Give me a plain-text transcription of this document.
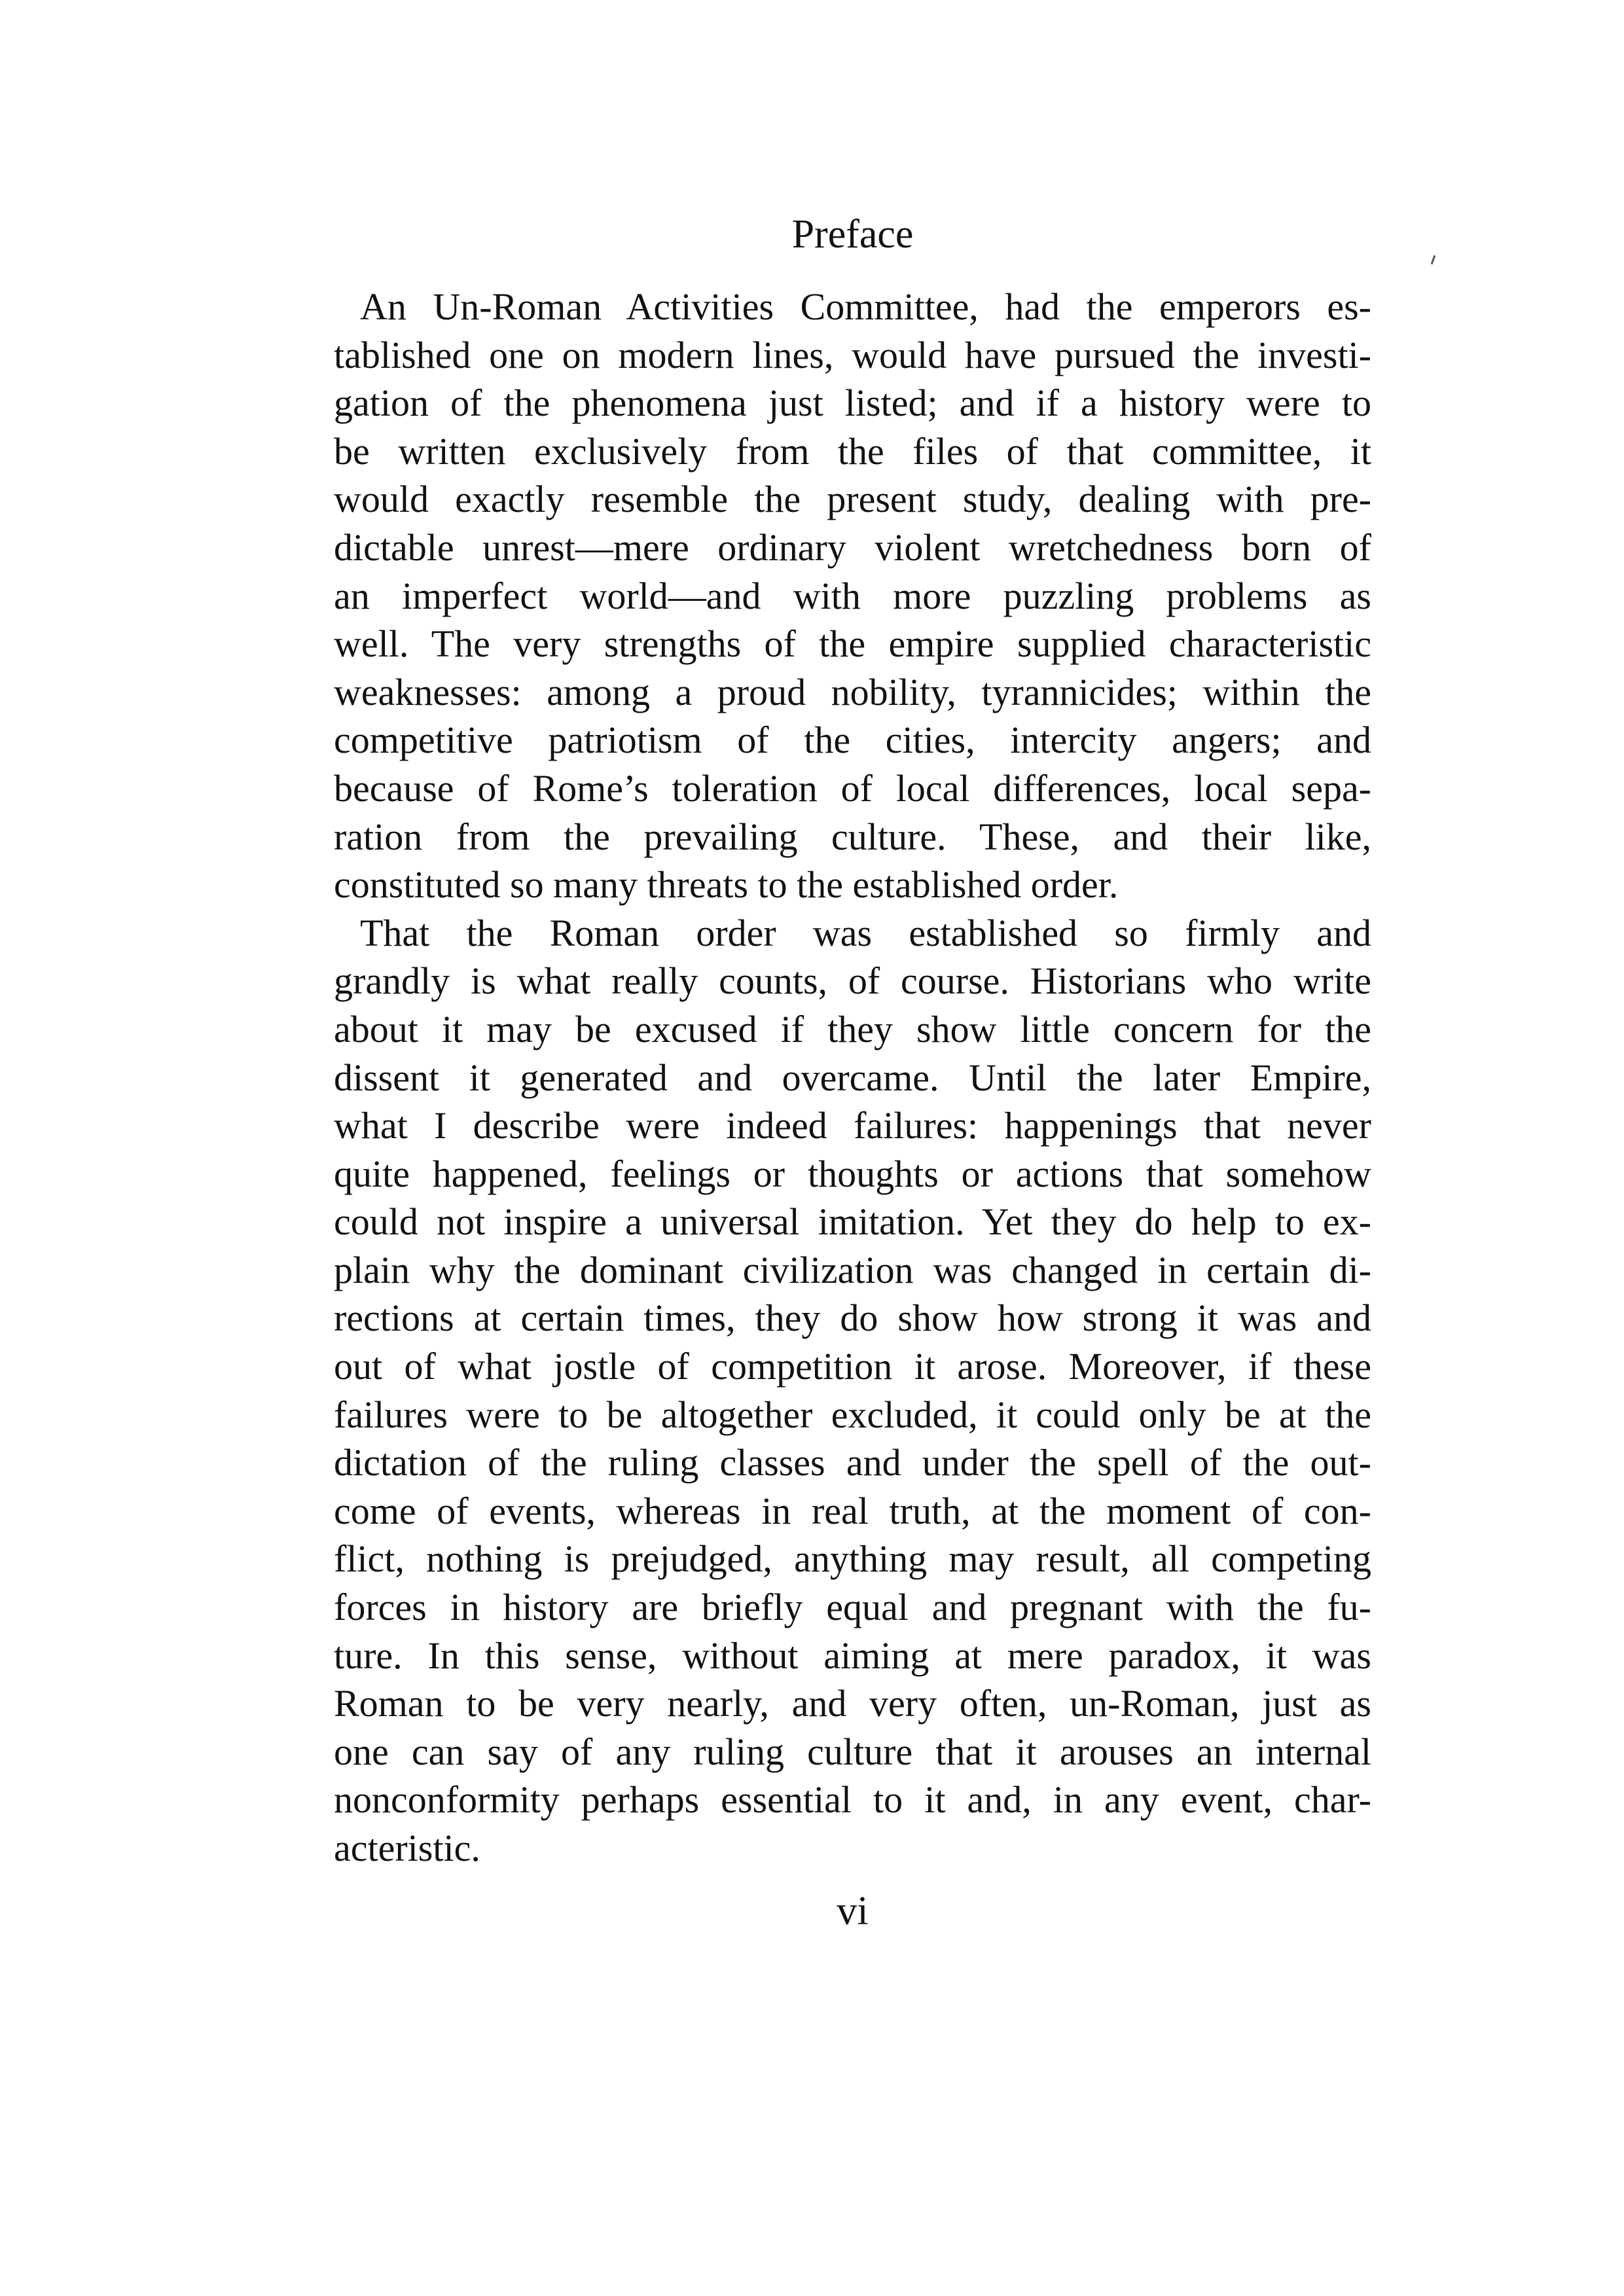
Preface
An Un-Roman Activities Committee, had the emperors es-
tablished one on modern lines, would have pursued the investi-
gation of the phenomena just listed; and if a history were to
be written exclusively from the files of that committee, it
would exactly resemble the present study, dealing with pre-
dictable unrest—mere ordinary violent wretchedness born of
an imperfect world—and with more puzzling problems as
well. The very strengths of the empire supplied characteristic
weaknesses: among a proud nobility, tyrannicides; within the
competitive patriotism of the cities, intercity angers; and
because of Rome’s toleration of local differences, local sepa-
ration from the prevailing culture. These, and their like,
constituted so many threats to the established order.
That the Roman order was established so firmly and
grandly is what really counts, of course. Historians who write
about it may be excused if they show little concern for the
dissent it generated and overcame. Until the later Empire,
what I describe were indeed failures: happenings that never
quite happened, feelings or thoughts or actions that somehow
could not inspire a universal imitation. Yet they do help to ex-
plain why the dominant civilization was changed in certain di-
rections at certain times, they do show how strong it was and
out of what jostle of competition it arose. Moreover, if these
failures were to be altogether excluded, it could only be at the
dictation of the ruling classes and under the spell of the out-
come of events, whereas in real truth, at the moment of con-
flict, nothing is prejudged, anything may result, all competing
forces in history are briefly equal and pregnant with the fu-
ture. In this sense, without aiming at mere paradox, it was
Roman to be very nearly, and very often, un-Roman, just as
one can say of any ruling culture that it arouses an internal
nonconformity perhaps essential to it and, in any event, char-
acteristic.
vi
